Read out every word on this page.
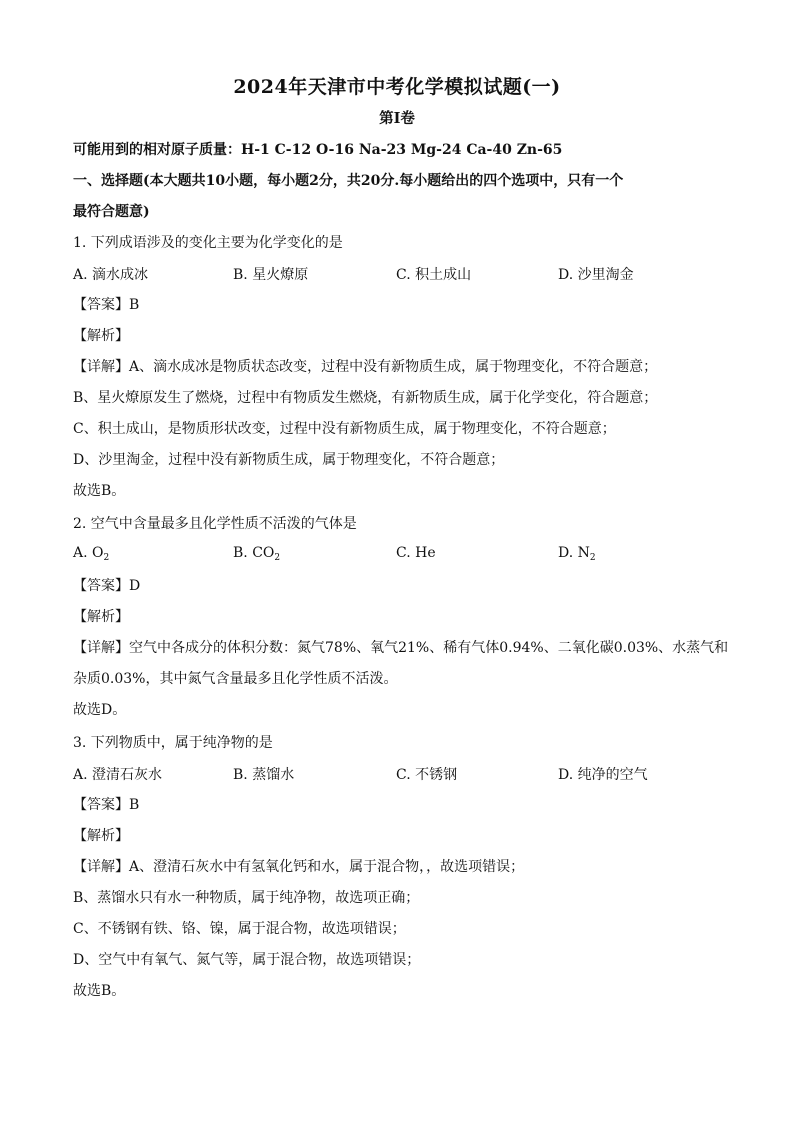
2024年天津市中考化学模拟试题(一)
第Ⅰ卷
可能用到的相对原子质量：H-1 C-12 O-16 Na-23 Mg-24 Ca-40 Zn-65
一、选择题(本大题共10小题，每小题2分，共20分.每小题给出的四个选项中，只有一个
最符合题意)
1. 下列成语涉及的变化主要为化学变化的是
A. 滴水成冰	B. 星火燎原	C. 积土成山	D. 沙里淘金
【答案】B
【解析】
【详解】A、滴水成冰是物质状态改变，过程中没有新物质生成，属于物理变化，不符合题意；
B、星火燎原发生了燃烧，过程中有物质发生燃烧，有新物质生成，属于化学变化，符合题意；
C、积土成山，是物质形状改变，过程中没有新物质生成，属于物理变化，不符合题意；
D、沙里淘金，过程中没有新物质生成，属于物理变化，不符合题意；
故选B。
2. 空气中含量最多且化学性质不活泼的气体是
A. $O_2$	B. $CO_2$	C. He	D. $N_2$
【答案】D
【解析】
【详解】空气中各成分的体积分数：氮气78%、氧气21%、稀有气体0.94%、二氧化碳0.03%、水蒸气和
杂质0.03%，其中氮气含量最多且化学性质不活泼。
故选D。
3. 下列物质中，属于纯净物的是
A. 澄清石灰水	B. 蒸馏水	C. 不锈钢	D. 纯净的空气
【答案】B
【解析】
【详解】A、澄清石灰水中有氢氧化钙和水，属于混合物，，故选项错误；
B、蒸馏水只有水一种物质，属于纯净物，故选项正确；
C、不锈钢有铁、铬、镍，属于混合物，故选项错误；
D、空气中有氧气、氮气等，属于混合物，故选项错误；
故选B。
